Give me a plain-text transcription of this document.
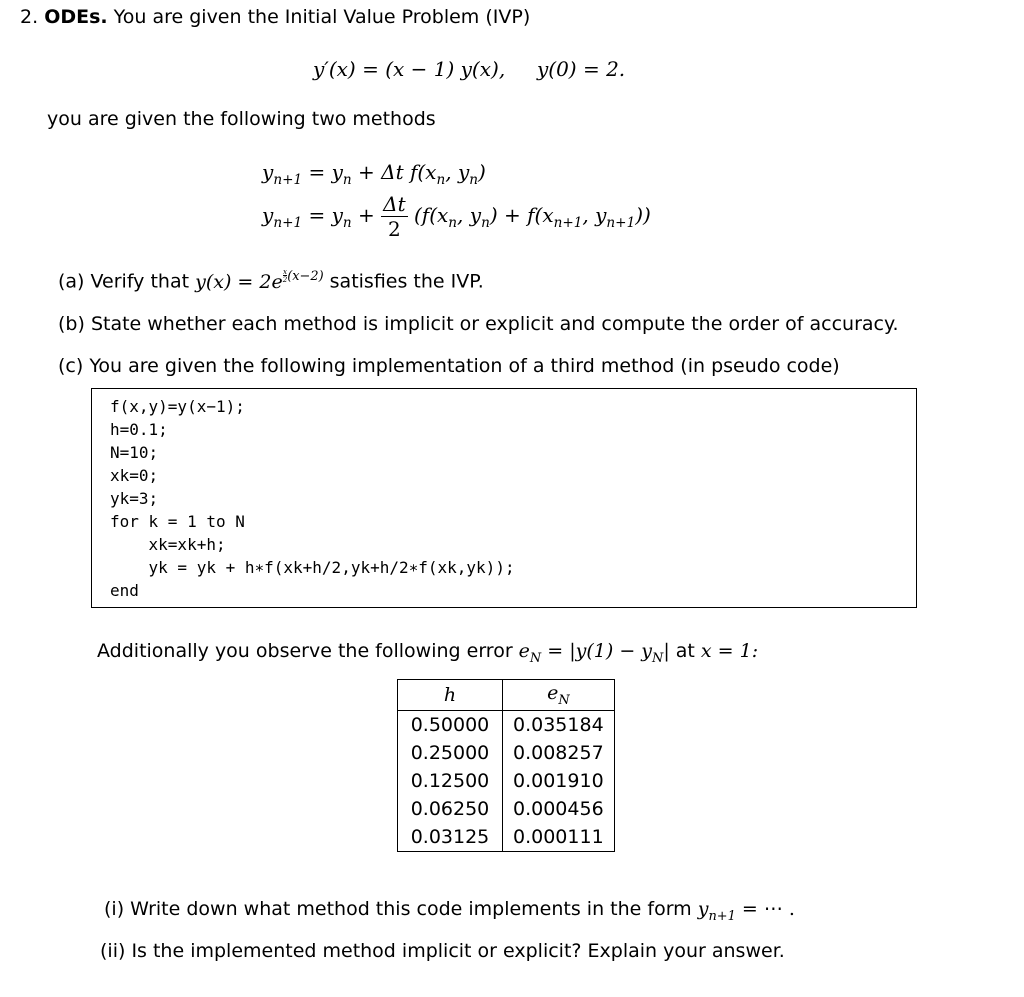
2. ODEs. You are given the Initial Value Problem (IVP)
y′(x) = (x − 1) y(x), y(0) = 2.
you are given the following two methods
$y_{n+1} = y_n + \Delta t$ $f(x_n$, $y_n$)
$y_{n+1} = y_n + \frac{\Delta t}{2} (f(x_n$, $y_n) + f(x_{n+1}$, $y_{n+1}$))
(a) Verify that y(x) = 2e $^{\frac{x}{2} (x-2)}$ satisfies the IVP.
(b) State whether each method is implicit or explicit and compute the order of accuracy.
(c) You are given the following implementation of a third method (in pseudo code)
f(x,y)=y(x−1);
h=0.1;
N=10;
xk=0;
yk=3;
for k = 1 to N
xk=xk+h;
yk = yk + h∗f(xk+h/2,yk+h/2∗f(xk,yk));
end
Additionally you observe the following error $e_N = |y(1) - y_N|$ at x = 1:
h	$e_N$
0.50000	0.035184
0.25000	0.008257
0.12500	0.001910
0.06250	0.000456
0.03125	0.000111
(i) Write down what method this code implements in the form $y_{n+1}$ = ⋯ .
(ii) Is the implemented method implicit or explicit? Explain your answer.
